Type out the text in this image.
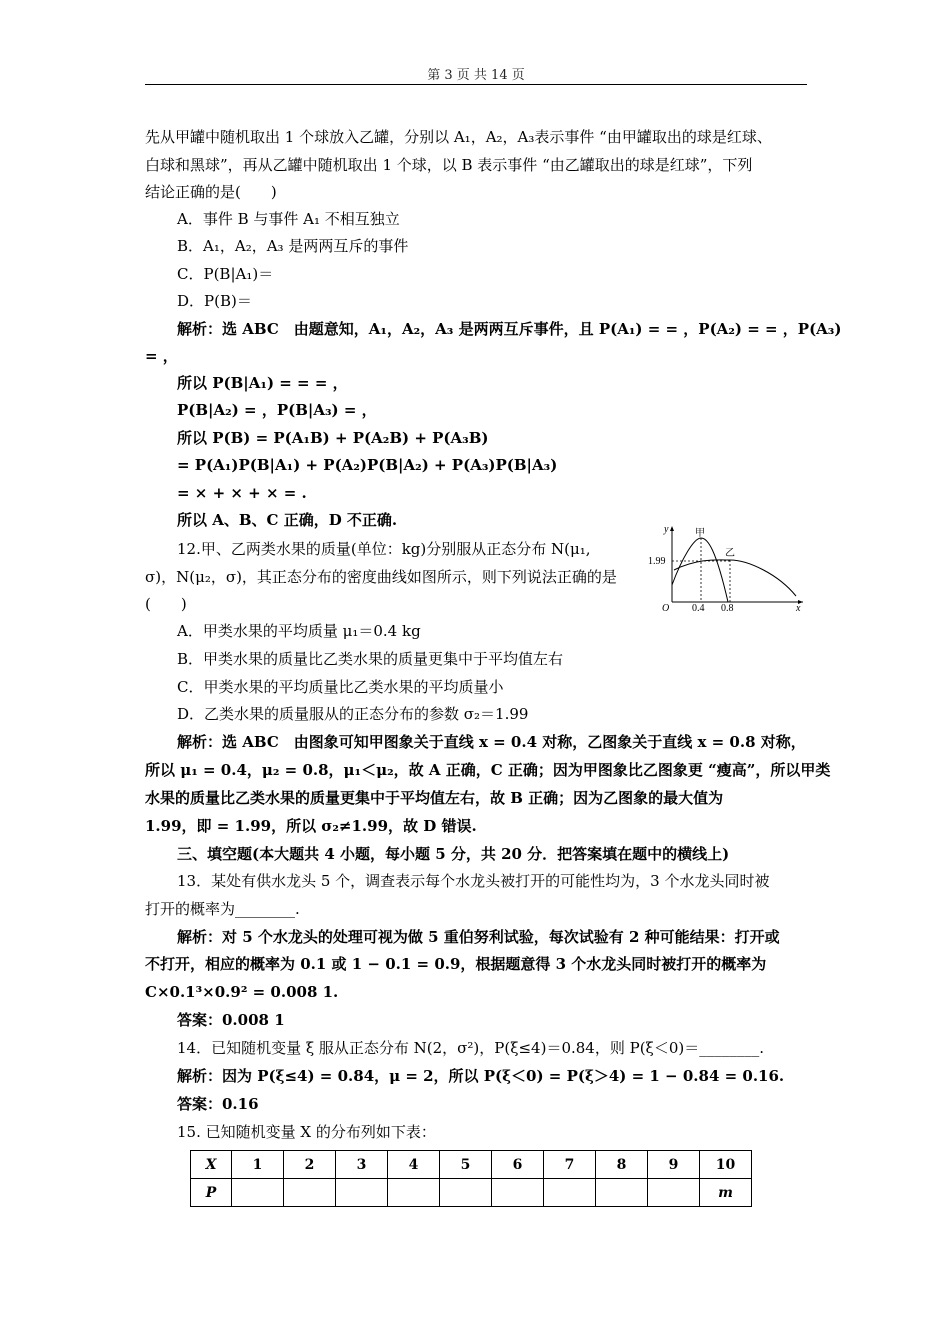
第 3 页 共 14 页
先从甲罐中随机取出 1 个球放入乙罐，分别以 A₁，A₂，A₃表示事件 “由甲罐取出的球是红球、
白球和黑球”，再从乙罐中随机取出 1 个球，以 B 表示事件 “由乙罐取出的球是红球”，下列
结论正确的是(　　)
A．事件 B 与事件 A₁ 不相互独立
B．A₁，A₂，A₃ 是两两互斥的事件
C．P(B|A₁)＝
D．P(B)＝
解析：选 ABC　由题意知，A₁，A₂，A₃ 是两两互斥事件，且 P(A₁) = = ，P(A₂) = = ，P(A₃)
= ，
所以 P(B|A₁) = = = ，
P(B|A₂) = ，P(B|A₃) = ，
所以 P(B) = P(A₁B) + P(A₂B) + P(A₃B)
= P(A₁)P(B|A₁) + P(A₂)P(B|A₂) + P(A₃)P(B|A₃)
= × + × + × = .
所以 A、B、C 正确，D 不正确.
12.甲、乙两类水果的质量(单位：kg)分别服从正态分布 N(μ₁,
σ)，N(μ₂，σ)，其正态分布的密度曲线如图所示，则下列说法正确的是
(　　)
A．甲类水果的平均质量 μ₁＝0.4 kg
B．甲类水果的质量比乙类水果的质量更集中于平均值左右
C．甲类水果的平均质量比乙类水果的平均质量小
D．乙类水果的质量服从的正态分布的参数 σ₂＝1.99
解析：选 ABC　由图象可知甲图象关于直线 x = 0.4 对称，乙图象关于直线 x = 0.8 对称，
所以 μ₁ = 0.4，μ₂ = 0.8，μ₁＜μ₂，故 A 正确，C 正确；因为甲图象比乙图象更 “瘦高”，所以甲类
水果的质量比乙类水果的质量更集中于平均值左右，故 B 正确；因为乙图象的最大值为
1.99，即 = 1.99，所以 σ₂≠1.99，故 D 错误.
三、填空题(本大题共 4 小题，每小题 5 分，共 20 分．把答案填在题中的横线上)
13．某处有供水龙头 5 个，调查表示每个水龙头被打开的可能性均为，3 个水龙头同时被
打开的概率为________.
解析：对 5 个水龙头的处理可视为做 5 重伯努利试验，每次试验有 2 种可能结果：打开或
不打开，相应的概率为 0.1 或 1 − 0.1 = 0.9，根据题意得 3 个水龙头同时被打开的概率为
C×0.1³×0.9² = 0.008 1.
答案：0.008 1
14．已知随机变量 ξ 服从正态分布 N(2，σ²)，P(ξ≤4)＝0.84，则 P(ξ＜0)＝________.
解析：因为 P(ξ≤4) = 0.84，μ = 2，所以 P(ξ＜0) = P(ξ＞4) = 1 − 0.84 = 0.16.
答案：0.16
15. 已知随机变量 X 的分布列如下表：
y
x
O
甲
乙
1.99
0.4 0.8
X	1	2	3	4	5	6	7	8	9	10
P										m
